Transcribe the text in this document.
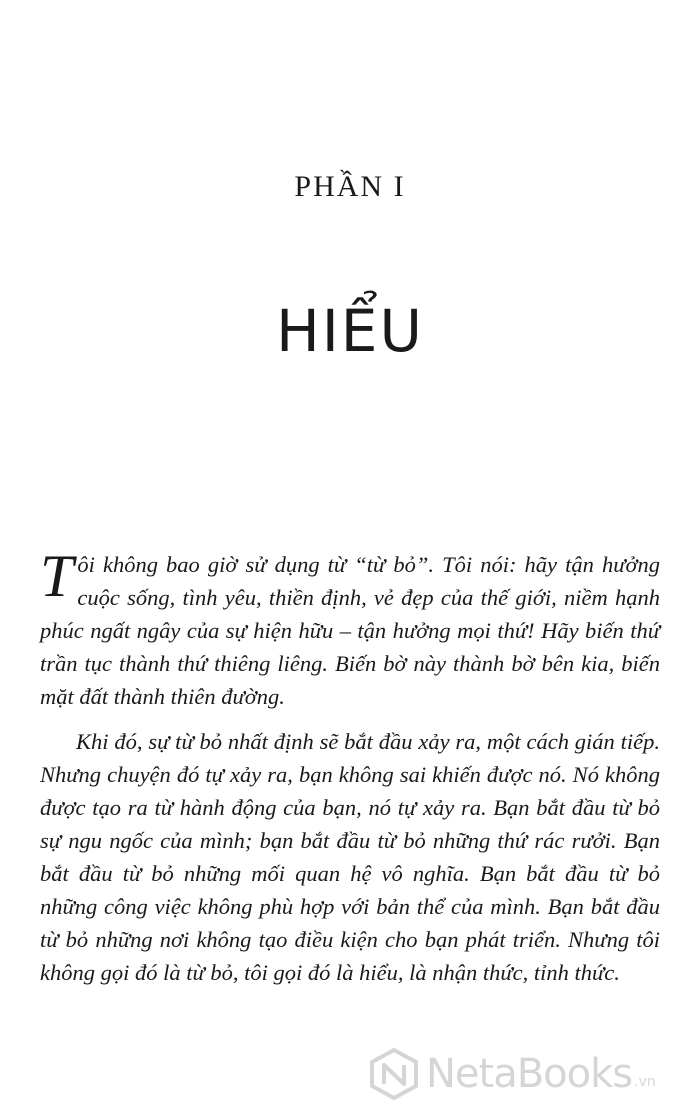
PHẦN I
HIỂU

Tôi không bao giờ sử dụng từ “từ bỏ”. Tôi nói: hãy tận hưởng cuộc sống, tình yêu, thiền định, vẻ đẹp của thế giới, niềm hạnh phúc ngất ngây của sự hiện hữu – tận hưởng mọi thứ! Hãy biến thứ trần tục thành thứ thiêng liêng. Biến bờ này thành bờ bên kia, biến mặt đất thành thiên đường.

Khi đó, sự từ bỏ nhất định sẽ bắt đầu xảy ra, một cách gián tiếp. Nhưng chuyện đó tự xảy ra, bạn không sai khiến được nó. Nó không được tạo ra từ hành động của bạn, nó tự xảy ra. Bạn bắt đầu từ bỏ sự ngu ngốc của mình; bạn bắt đầu từ bỏ những thứ rác rưởi. Bạn bắt đầu từ bỏ những mối quan hệ vô nghĩa. Bạn bắt đầu từ bỏ những công việc không phù hợp với bản thể của mình. Bạn bắt đầu từ bỏ những nơi không tạo điều kiện cho bạn phát triển. Nhưng tôi không gọi đó là từ bỏ, tôi gọi đó là hiểu, là nhận thức, tỉnh thức.

NetaBooks .vn
